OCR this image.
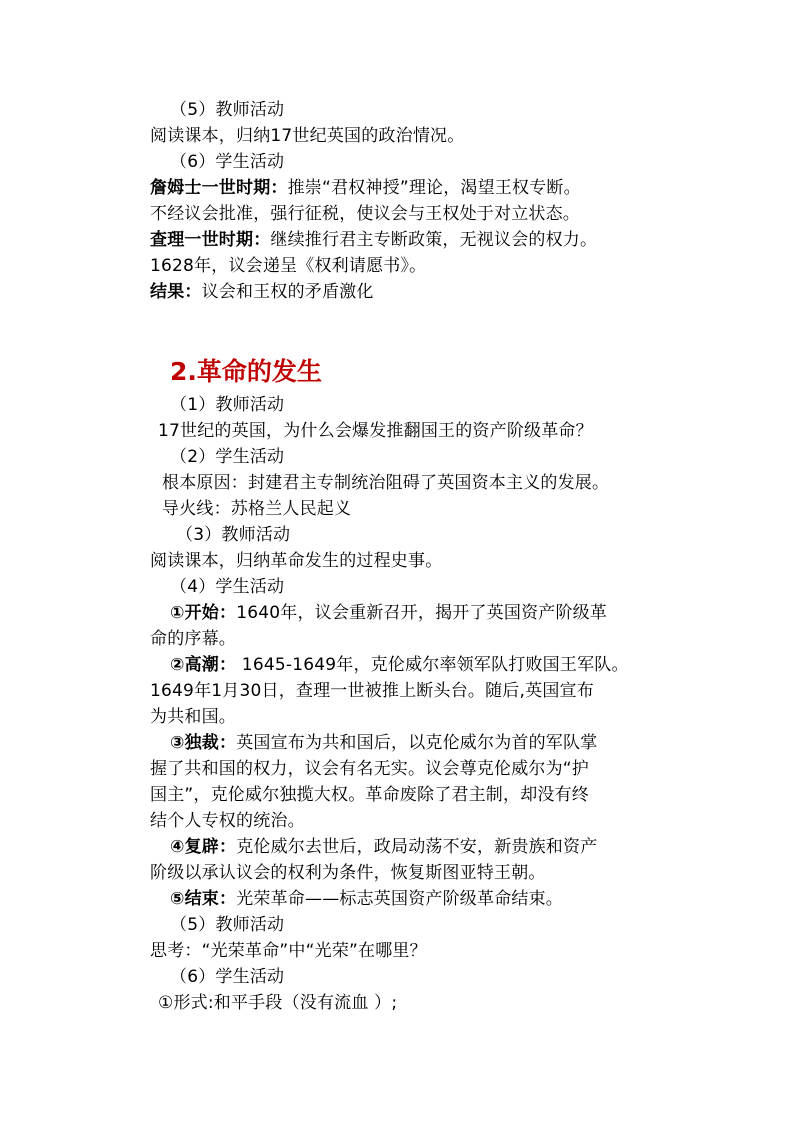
（5）教师活动
阅读课本，归纳17世纪英国的政治情况。
（6）学生活动
詹姆士一世时期：推崇“君权神授”理论，渴望王权专断。
不经议会批准，强行征税，使议会与王权处于对立状态。
查理一世时期：继续推行君主专断政策，无视议会的权力。
1628年，议会递呈《权利请愿书》。
结果：议会和王权的矛盾激化
2.革命的发生
（1）教师活动
17世纪的英国，为什么会爆发推翻国王的资产阶级革命？
（2）学生活动
根本原因：封建君主专制统治阻碍了英国资本主义的发展。
导火线：苏格兰人民起义
（3）教师活动
阅读课本，归纳革命发生的过程史事。
（4）学生活动
①开始：1640年，议会重新召开，揭开了英国资产阶级革
命的序幕。
②高潮： 1645-1649年，克伦威尔率领军队打败国王军队。
1649年1月30日，查理一世被推上断头台。随后,英国宣布
为共和国。
③独裁：英国宣布为共和国后，以克伦威尔为首的军队掌
握了共和国的权力，议会有名无实。议会尊克伦威尔为“护
国主”，克伦威尔独揽大权。革命废除了君主制，却没有终
结个人专权的统治。
④复辟：克伦威尔去世后，政局动荡不安，新贵族和资产
阶级以承认议会的权利为条件，恢复斯图亚特王朝。
⑤结束：光荣革命——标志英国资产阶级革命结束。
（5）教师活动
思考：“光荣革命”中“光荣”在哪里？
（6）学生活动
①形式:和平手段（没有流血 ）;
